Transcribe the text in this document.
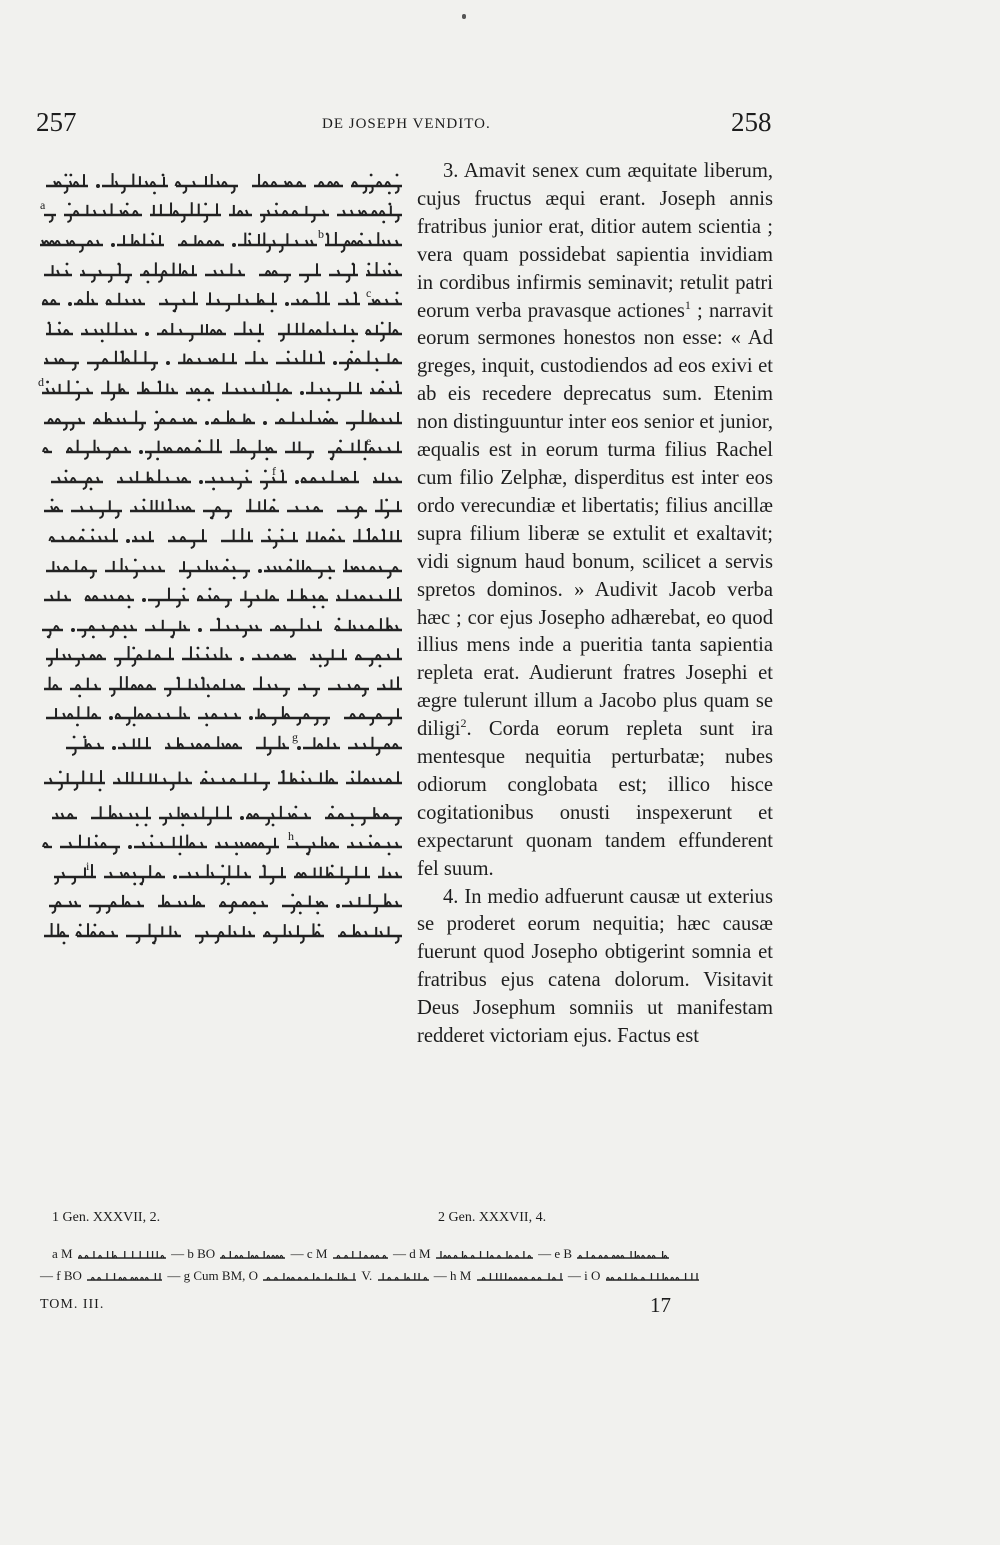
257	DE JOSEPH VENDITO.	258
a
b
c
d
e
f
g
h
i

3. Amavit senex cum æquitate liberum, cujus fructus æqui erant. Joseph annis fratribus junior erat, ditior autem scientia ; vera quam possidebat sapientia invidiam in cordibus infirmis seminavit; retulit patri eorum verba pravasque actiones$^1$ ; narravit eorum sermones honestos non esse: « Ad greges, inquit, custodiendos ad eos exivi et ab eis recedere deprecatus sum. Etenim non distinguuntur inter eos senior et junior, æqualis est in eorum turma filius Rachel cum filio Zelphæ, disperditus est inter eos ordo verecundiæ et libertatis; filius ancillæ supra filium liberæ se extulit et exaltavit; vidi signum haud bonum, scilicet a servis spretos dominos. » Audivit Jacob verba hæc ; cor ejus Josepho adhærebat, eo quod illius mens inde a pueritia tanta sapientia repleta erat. Audierunt fratres Josephi et ægre tulerunt illum a Jacobo plus quam se diligi$^2$. Corda eorum repleta sunt ira mentesque nequitia perturbatæ; nubes odiorum conglobata est; illico hisce cogitationibus onusti inspexerunt et expectarunt quonam tandem effunderent fel suum.

4. In medio adfuerunt causæ ut exterius se proderet eorum nequitia; hæc causæ fuerunt quod Josepho obtigerint somnia et fratribus ejus catena dolorum. Visitavit Deus Josephum somniis ut manifestam redderet victoriam ejus. Factus est

1 Gen. XXXVII, 2.	2 Gen. XXXVII, 4.
a M	— b BO	— c M	— d M	— e B
— f BO	— g Cum BM, O	V.	— h M	— i O
TOM. III.	17
